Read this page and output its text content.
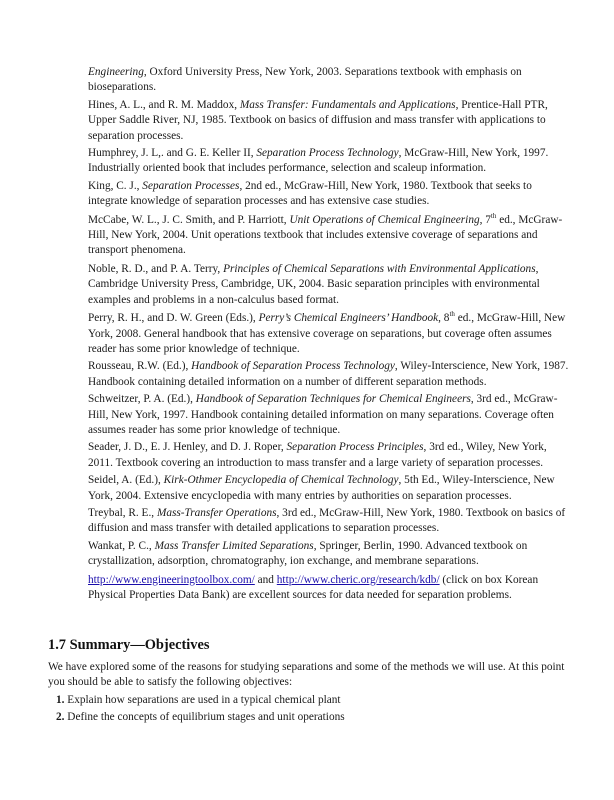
Engineering, Oxford University Press, New York, 2003. Separations textbook with emphasis on bioseparations.

Hines, A. L., and R. M. Maddox, Mass Transfer: Fundamentals and Applications, Prentice-Hall PTR, Upper Saddle River, NJ, 1985. Textbook on basics of diffusion and mass transfer with applications to separation processes.

Humphrey, J. L,. and G. E. Keller II, Separation Process Technology, McGraw-Hill, New York, 1997. Industrially oriented book that includes performance, selection and scaleup information.

King, C. J., Separation Processes, 2nd ed., McGraw-Hill, New York, 1980. Textbook that seeks to integrate knowledge of separation processes and has extensive case studies.

McCabe, W. L., J. C. Smith, and P. Harriott, Unit Operations of Chemical Engineering, 7th ed., McGraw-Hill, New York, 2004. Unit operations textbook that includes extensive coverage of separations and transport phenomena.

Noble, R. D., and P. A. Terry, Principles of Chemical Separations with Environmental Applications, Cambridge University Press, Cambridge, UK, 2004. Basic separation principles with environmental examples and problems in a non-calculus based format.

Perry, R. H., and D. W. Green (Eds.), Perry’s Chemical Engineers’ Handbook, 8th ed., McGraw-Hill, New York, 2008. General handbook that has extensive coverage on separations, but coverage often assumes reader has some prior knowledge of technique.

Rousseau, R.W. (Ed.), Handbook of Separation Process Technology, Wiley-Interscience, New York, 1987. Handbook containing detailed information on a number of different separation methods.

Schweitzer, P. A. (Ed.), Handbook of Separation Techniques for Chemical Engineers, 3rd ed., McGraw-Hill, New York, 1997. Handbook containing detailed information on many separations. Coverage often assumes reader has some prior knowledge of technique.

Seader, J. D., E. J. Henley, and D. J. Roper, Separation Process Principles, 3rd ed., Wiley, New York, 2011. Textbook covering an introduction to mass transfer and a large variety of separation processes.

Seidel, A. (Ed.), Kirk-Othmer Encyclopedia of Chemical Technology, 5th Ed., Wiley-Interscience, New York, 2004. Extensive encyclopedia with many entries by authorities on separation processes.

Treybal, R. E., Mass-Transfer Operations, 3rd ed., McGraw-Hill, New York, 1980. Textbook on basics of diffusion and mass transfer with detailed applications to separation processes.

Wankat, P. C., Mass Transfer Limited Separations, Springer, Berlin, 1990. Advanced textbook on crystallization, adsorption, chromatography, ion exchange, and membrane separations.

http://www.engineeringtoolbox.com/ and http://www.cheric.org/research/kdb/ (click on box Korean Physical Properties Data Bank) are excellent sources for data needed for separation problems.

1.7 Summary—Objectives

We have explored some of the reasons for studying separations and some of the methods we will use. At this point you should be able to satisfy the following objectives:

1. Explain how separations are used in a typical chemical plant
2. Define the concepts of equilibrium stages and unit operations
